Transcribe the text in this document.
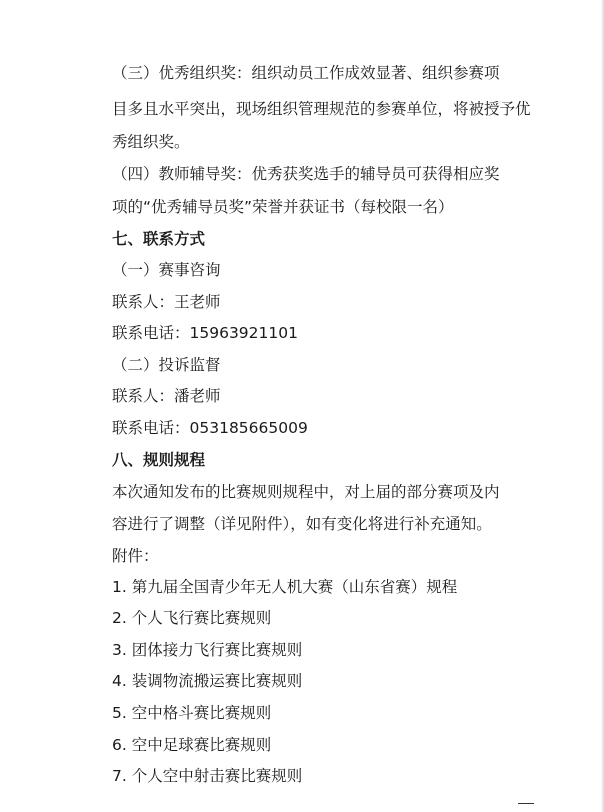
（三）优秀组织奖：组织动员工作成效显著、组织参赛项
目多且水平突出，现场组织管理规范的参赛单位，将被授予优
秀组织奖。
（四）教师辅导奖：优秀获奖选手的辅导员可获得相应奖
项的“优秀辅导员奖”荣誉并获证书（每校限一名）
七、联系方式
（一）赛事咨询
联系人：王老师
联系电话：15963921101
（二）投诉监督
联系人：潘老师
联系电话：053185665009
八、规则规程
本次通知发布的比赛规则规程中，对上届的部分赛项及内
容进行了调整（详见附件），如有变化将进行补充通知。
附件：
1. 第九届全国青少年无人机大赛（山东省赛）规程
2. 个人飞行赛比赛规则
3. 团体接力飞行赛比赛规则
4. 装调物流搬运赛比赛规则
5. 空中格斗赛比赛规则
6. 空中足球赛比赛规则
7. 个人空中射击赛比赛规则
